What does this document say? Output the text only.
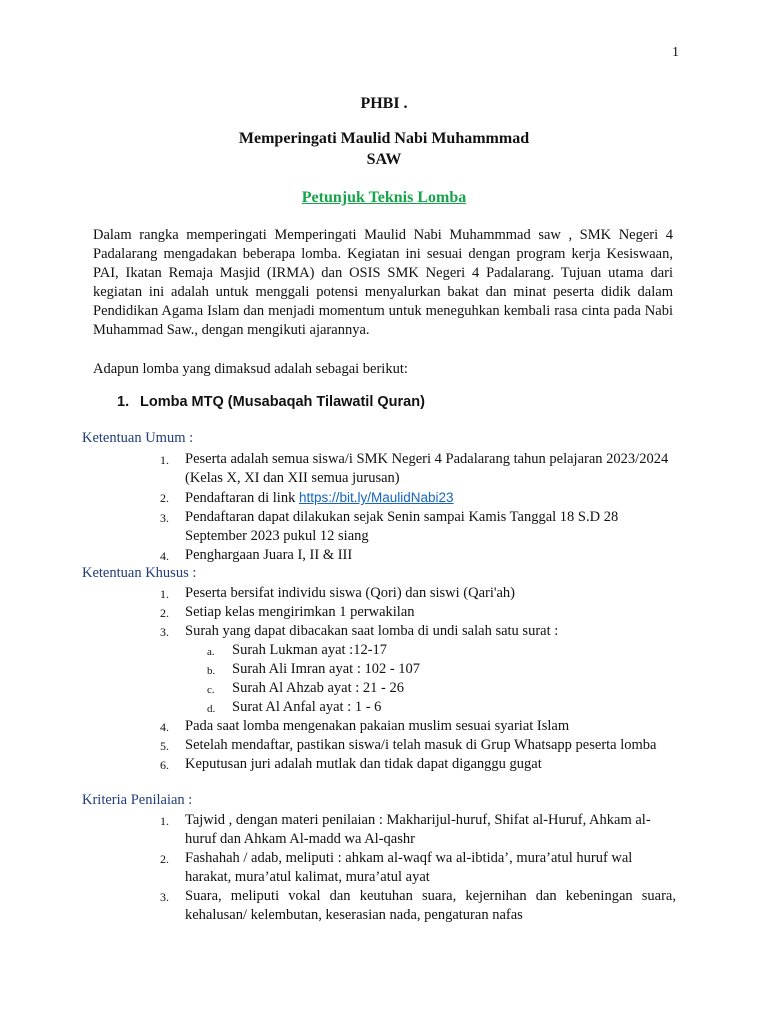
1
PHBI .
Memperingati Maulid Nabi Muhammmad
SAW
Petunjuk Teknis Lomba

Dalam rangka memperingati Memperingati Maulid Nabi Muhammmad saw , SMK Negeri 4 Padalarang mengadakan beberapa lomba. Kegiatan ini sesuai dengan program kerja Kesiswaan, PAI, Ikatan Remaja Masjid (IRMA) dan OSIS SMK Negeri 4 Padalarang. Tujuan utama dari kegiatan ini adalah untuk menggali potensi menyalurkan bakat dan minat peserta didik dalam Pendidikan Agama Islam dan menjadi momentum untuk meneguhkan kembali rasa cinta pada Nabi Muhammad Saw., dengan mengikuti ajarannya.

Adapun lomba yang dimaksud adalah sebagai berikut:

1. Lomba MTQ (Musabaqah Tilawatil Quran)

Ketentuan Umum :

1. Peserta adalah semua siswa/i SMK Negeri 4 Padalarang tahun pelajaran 2023/2024 (Kelas X, XI dan XII semua jurusan)
2. Pendaftaran di link https://bit.ly/MaulidNabi23
3. Pendaftaran dapat dilakukan sejak Senin sampai Kamis Tanggal 18 S.D 28 September 2023 pukul 12 siang
4. Penghargaan Juara I, II & III

Ketentuan Khusus :

1. Peserta bersifat individu siswa (Qori) dan siswi (Qari'ah)
2. Setiap kelas mengirimkan 1 perwakilan
3. Surah yang dapat dibacakan saat lomba di undi salah satu surat :
a. Surah Lukman ayat :12-17
b. Surah Ali Imran ayat : 102 - 107
c. Surah Al Ahzab ayat : 21 - 26
d. Surat Al Anfal ayat : 1 - 6
4. Pada saat lomba mengenakan pakaian muslim sesuai syariat Islam
5. Setelah mendaftar, pastikan siswa/i telah masuk di Grup Whatsapp peserta lomba
6. Keputusan juri adalah mutlak dan tidak dapat diganggu gugat

Kriteria Penilaian :

1. Tajwid , dengan materi penilaian : Makharijul-huruf, Shifat al-Huruf, Ahkam al-huruf dan Ahkam Al-madd wa Al-qashr
2. Fashahah / adab, meliputi : ahkam al-waqf wa al-ibtida’, mura’atul huruf wal harakat, mura’atul kalimat, mura’atul ayat
3. Suara, meliputi vokal dan keutuhan suara, kejernihan dan kebeningan suara, kehalusan/ kelembutan, keserasian nada, pengaturan nafas
